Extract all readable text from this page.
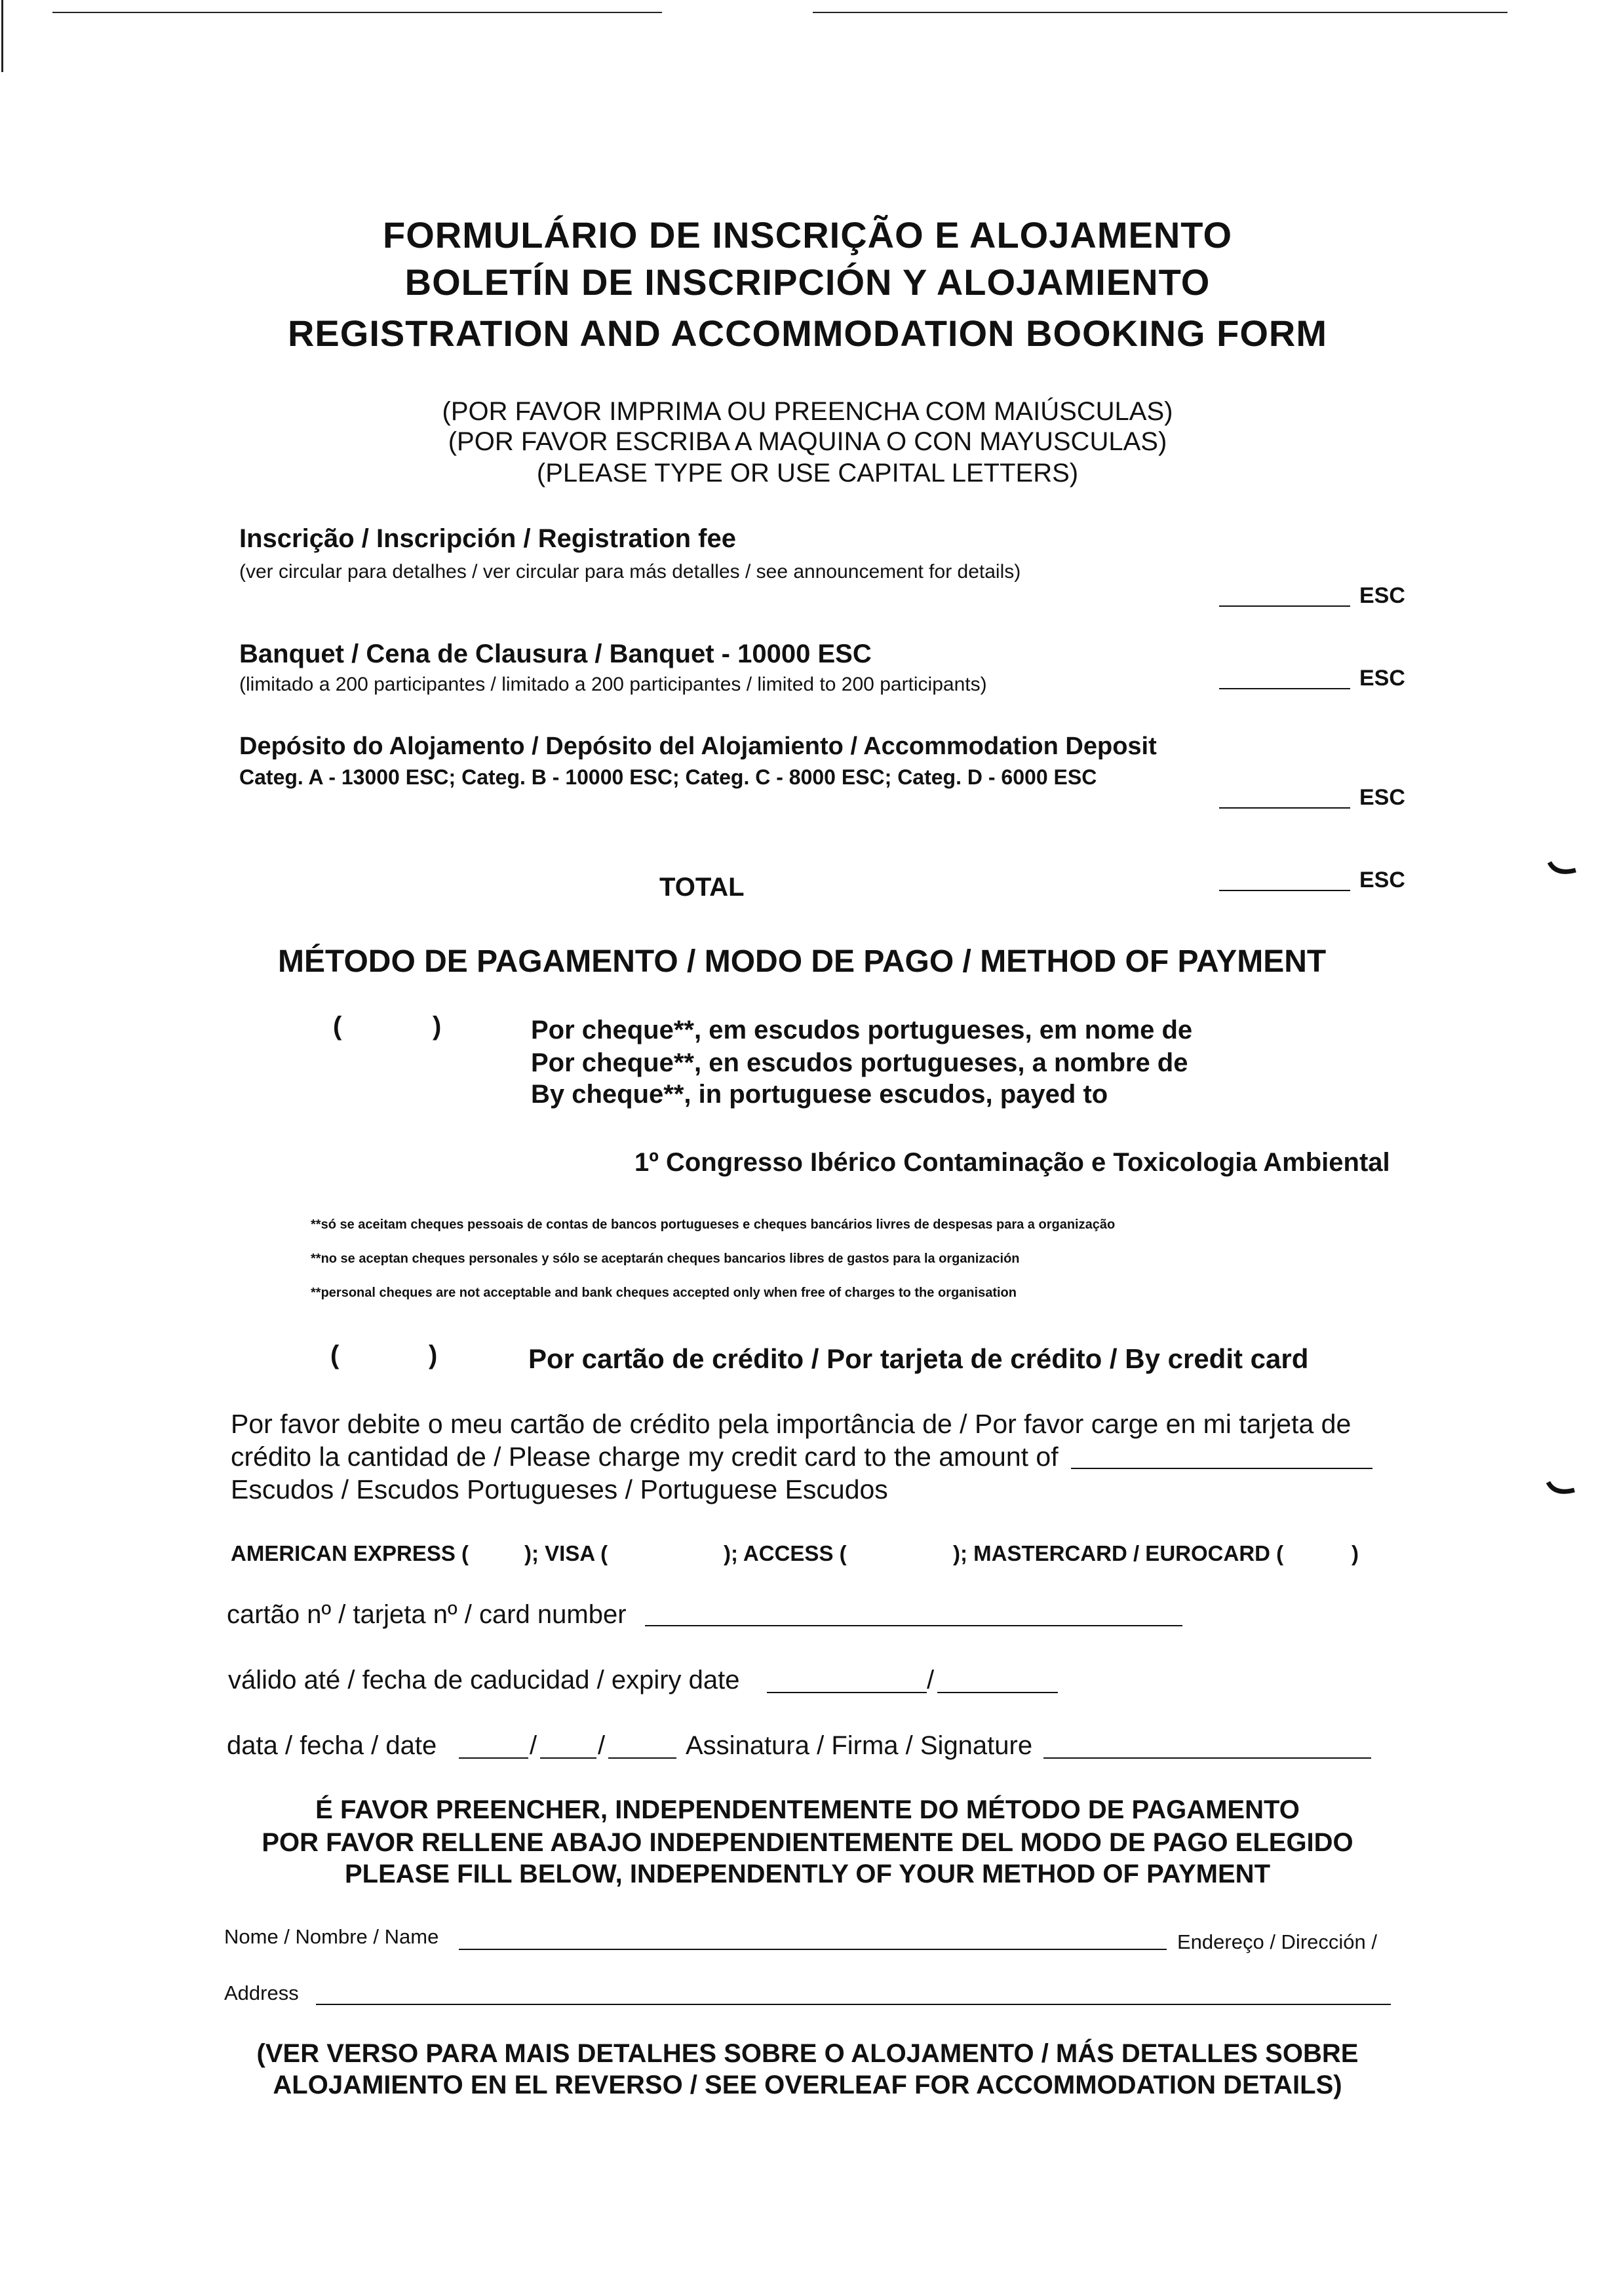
FORMULÁRIO DE INSCRIÇÃO E ALOJAMENTO
BOLETÍN DE INSCRIPCIÓN Y ALOJAMIENTO
REGISTRATION AND ACCOMMODATION BOOKING FORM
(POR FAVOR IMPRIMA OU PREENCHA COM MAIÚSCULAS)
(POR FAVOR ESCRIBA A MAQUINA O CON MAYUSCULAS)
(PLEASE TYPE OR USE CAPITAL LETTERS)
Inscrição / Inscripción / Registration fee
(ver circular para detalhes / ver circular para más detalles / see announcement for details)
ESC
Banquet / Cena de Clausura / Banquet - 10000 ESC
(limitado a 200 participantes / limitado a 200 participantes / limited to 200 participants)	ESC
Depósito do Alojamento / Depósito del Alojamiento / Accommodation Deposit
Categ. A - 13000 ESC; Categ. B - 10000 ESC; Categ. C - 8000 ESC; Categ. D - 6000 ESC
ESC
TOTAL	ESC
MÉTODO DE PAGAMENTO / MODO DE PAGO / METHOD OF PAYMENT
(	)	Por cheque**, em escudos portugueses, em nome de
Por cheque**, en escudos portugueses, a nombre de
By cheque**, in portuguese escudos, payed to
1º Congresso Ibérico Contaminação e Toxicologia Ambiental
**só se aceitam cheques pessoais de contas de bancos portugueses e cheques bancários livres de despesas para a organização
**no se aceptan cheques personales y sólo se aceptarán cheques bancarios libres de gastos para la organización
**personal cheques are not acceptable and bank cheques accepted only when free of charges to the organisation
(	)	Por cartão de crédito / Por tarjeta de crédito / By credit card
Por favor debite o meu cartão de crédito pela importância de / Por favor carge en mi tarjeta de
crédito la cantidad de / Please charge my credit card to the amount of
Escudos / Escudos Portugueses / Portuguese Escudos
AMERICAN EXPRESS (	); VISA (	); ACCESS (	); MASTERCARD / EUROCARD (	)
cartão nº / tarjeta nº / card number
válido até / fecha de caducidad / expiry date	/
data / fecha / date	/ /	Assinatura / Firma / Signature
É FAVOR PREENCHER, INDEPENDENTEMENTE DO MÉTODO DE PAGAMENTO
POR FAVOR RELLENE ABAJO INDEPENDIENTEMENTE DEL MODO DE PAGO ELEGIDO
PLEASE FILL BELOW, INDEPENDENTLY OF YOUR METHOD OF PAYMENT
Nome / Nombre / Name	Endereço / Dirección /
Address
(VER VERSO PARA MAIS DETALHES SOBRE O ALOJAMENTO / MÁS DETALLES SOBRE
ALOJAMIENTO EN EL REVERSO / SEE OVERLEAF FOR ACCOMMODATION DETAILS)
